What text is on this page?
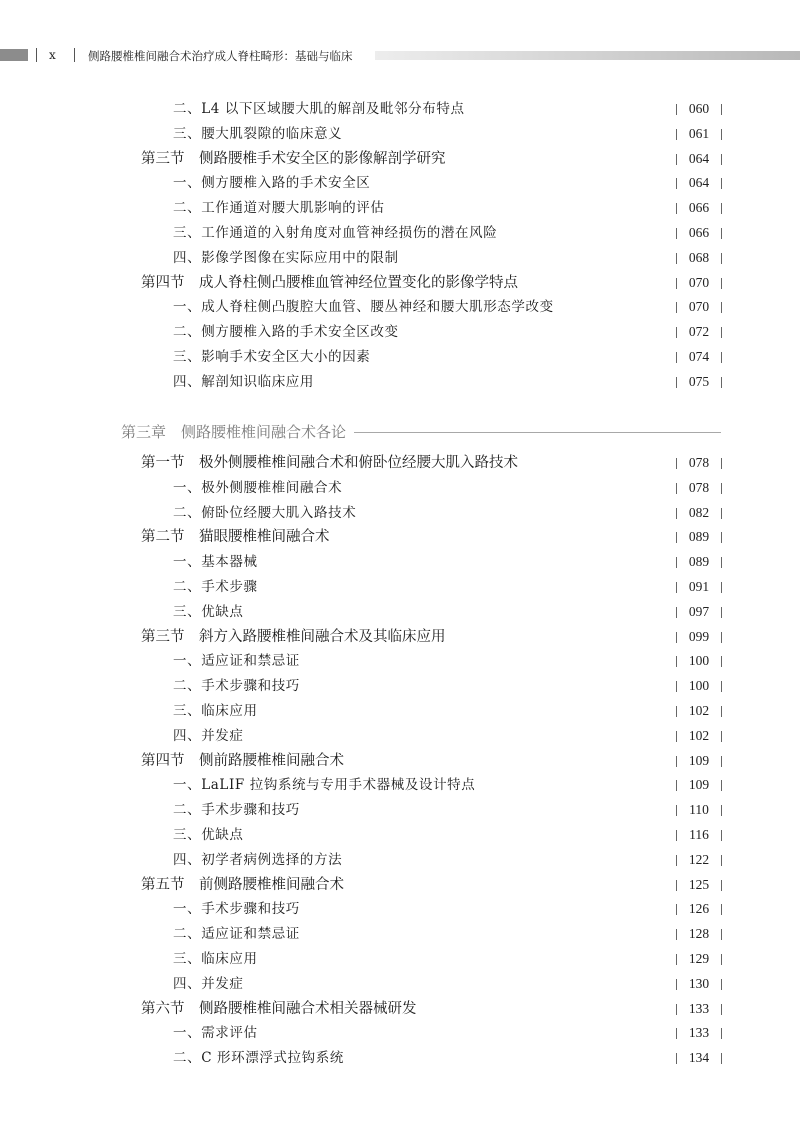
x	侧路腰椎椎间融合术治疗成人脊柱畸形：基础与临床
第三章　侧路腰椎椎间融合术各论
二、L4 以下区域腰大肌的解剖及毗邻分布特点	060
三、腰大肌裂隙的临床意义	061
第三节　侧路腰椎手术安全区的影像解剖学研究	064
一、侧方腰椎入路的手术安全区	064
二、工作通道对腰大肌影响的评估	066
三、工作通道的入射角度对血管神经损伤的潜在风险	066
四、影像学图像在实际应用中的限制	068
第四节　成人脊柱侧凸腰椎血管神经位置变化的影像学特点	070
一、成人脊柱侧凸腹腔大血管、腰丛神经和腰大肌形态学改变	070
二、侧方腰椎入路的手术安全区改变	072
三、影响手术安全区大小的因素	074
四、解剖知识临床应用	075
第一节　极外侧腰椎椎间融合术和俯卧位经腰大肌入路技术	078
一、极外侧腰椎椎间融合术	078
二、俯卧位经腰大肌入路技术	082
第二节　猫眼腰椎椎间融合术	089
一、基本器械	089
二、手术步骤	091
三、优缺点	097
第三节　斜方入路腰椎椎间融合术及其临床应用	099
一、适应证和禁忌证	100
二、手术步骤和技巧	100
三、临床应用	102
四、并发症	102
第四节　侧前路腰椎椎间融合术	109
一、LaLIF 拉钩系统与专用手术器械及设计特点	109
二、手术步骤和技巧	110
三、优缺点	116
四、初学者病例选择的方法	122
第五节　前侧路腰椎椎间融合术	125
一、手术步骤和技巧	126
二、适应证和禁忌证	128
三、临床应用	129
四、并发症	130
第六节　侧路腰椎椎间融合术相关器械研发	133
一、需求评估	133
二、C 形环漂浮式拉钩系统	134
